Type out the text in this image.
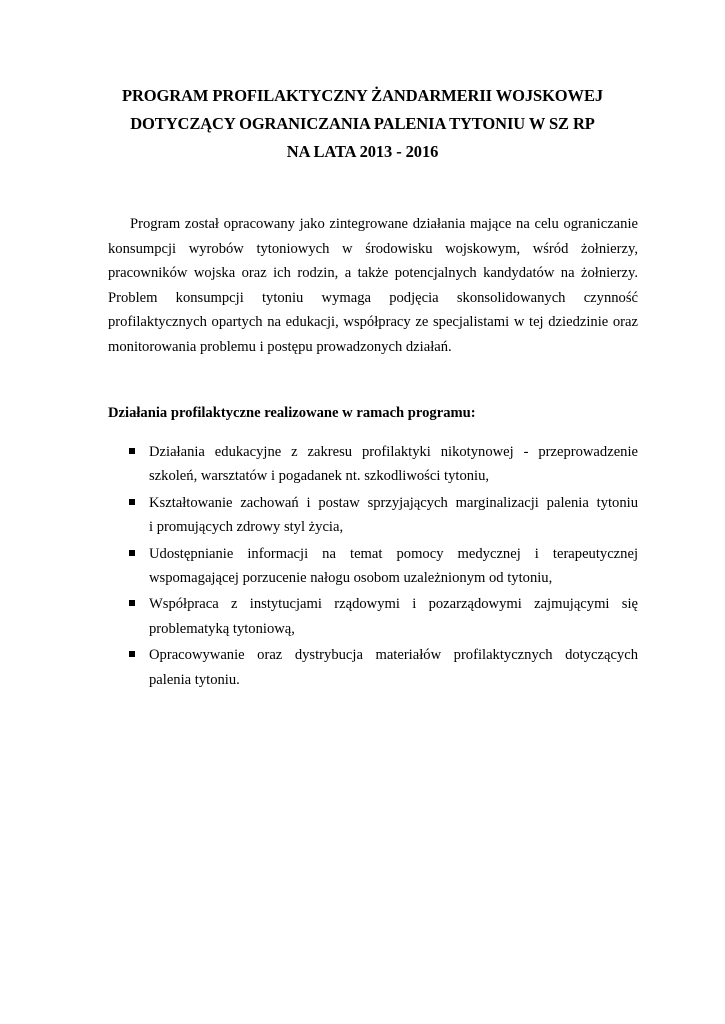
PROGRAM PROFILAKTYCZNY ŻANDARMERII WOJSKOWEJ
DOTYCZĄCY OGRANICZANIA PALENIA TYTONIU W SZ RP
NA LATA 2013 - 2016

Program został opracowany jako zintegrowane działania mające na celu ograniczanie
konsumpcji wyrobów tytoniowych w środowisku wojskowym, wśród żołnierzy,
pracowników wojska oraz ich rodzin, a także potencjalnych kandydatów na żołnierzy.
Problem konsumpcji tytoniu wymaga podjęcia skonsolidowanych czynność
profilaktycznych opartych na edukacji, współpracy ze specjalistami w tej dziedzinie oraz
monitorowania problemu i postępu prowadzonych działań.

Działania profilaktyczne realizowane w ramach programu:
Działania edukacyjne z zakresu profilaktyki nikotynowej - przeprowadzenie
szkoleń, warsztatów i pogadanek nt. szkodliwości tytoniu,
Kształtowanie zachowań i postaw sprzyjających marginalizacji palenia tytoniu
i promujących zdrowy styl życia,
Udostępnianie informacji na temat pomocy medycznej i terapeutycznej
wspomagającej porzucenie nałogu osobom uzależnionym od tytoniu,
Współpraca z instytucjami rządowymi i pozarządowymi zajmującymi się
problematyką tytoniową,
Opracowywanie oraz dystrybucja materiałów profilaktycznych dotyczących
palenia tytoniu.
